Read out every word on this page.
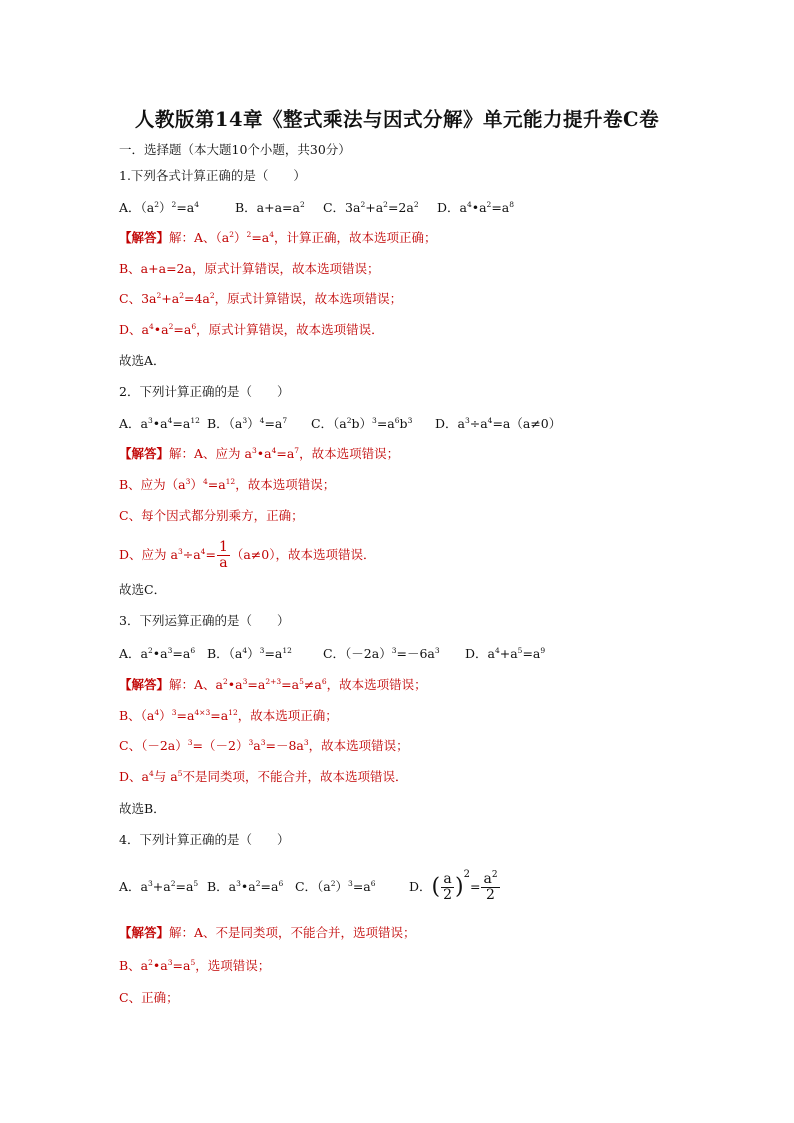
人教版第14章《整式乘法与因式分解》单元能力提升卷C卷
一．选择题（本大题10个小题，共30分）
1.下列各式计算正确的是（　　）
A．$(a^2)^2=a^4$	B．$a+a=a^2$ C．$3a^2+a^2=2a^2$ D．$a^4•a^2=a^8$
【解答】解：A、$(a^2)^2=a^4$，计算正确，故本选项正确；
B、a+a=2a，原式计算错误，故本选项错误；
C、$3a^2+a^2=4a^2$，原式计算错误，故本选项错误；
D、$a^4•a^2=a^6$，原式计算错误，故本选项错误．
故选A．
2．下列计算正确的是（　　）
A．$a^3•a^4=a^{12}$ B．$(a^3)^4=a^7$ C．$(a^2b)^3=a^6b^3$ D．$a^3\div a^4=a(a\ne 0)$
【解答】解：A、应为 $a^3•a^4=a^7$，故本选项错误；
B、应为$(a^3)^4=a^{12}$，故本选项错误；
C、每个因式都分别乘方，正确；
D、应为 $a^3\div a^4= \frac{1}{a} (a\ne 0)$，故本选项错误．
故选C．
3．下列运算正确的是（　　）
A．$a^2•a^3=a^6$ B．$(a^4)^3=a^{12}$ C．$(-2a)^3=-6a^3$ D．$a^4+a^5=a^9$
【解答】解：A、$a^2•a^3=a^{2+3}=a^5\ne a^6$，故本选项错误；
B、$(a^4)^3=a^{4\times 3}=a^{12}$，故本选项正确；
C、$(-2a)^3=(-2)^3a^3=-8a^3$，故本选项错误；
D、$a^4$与 $a^5$不是同类项，不能合并，故本选项错误．
故选B．
4．下列计算正确的是（　　）
A．$a^3+a^2=a^5$ B．$a^3•a^2=a^6$ C．$(a^2)^3=a^6$	D．( $\frac{a}{2} )^2= \frac{a^2}{2}$
【解答】解：A、不是同类项，不能合并，选项错误；
B、$a^2•a^3=a^5$，选项错误；
C、正确；
